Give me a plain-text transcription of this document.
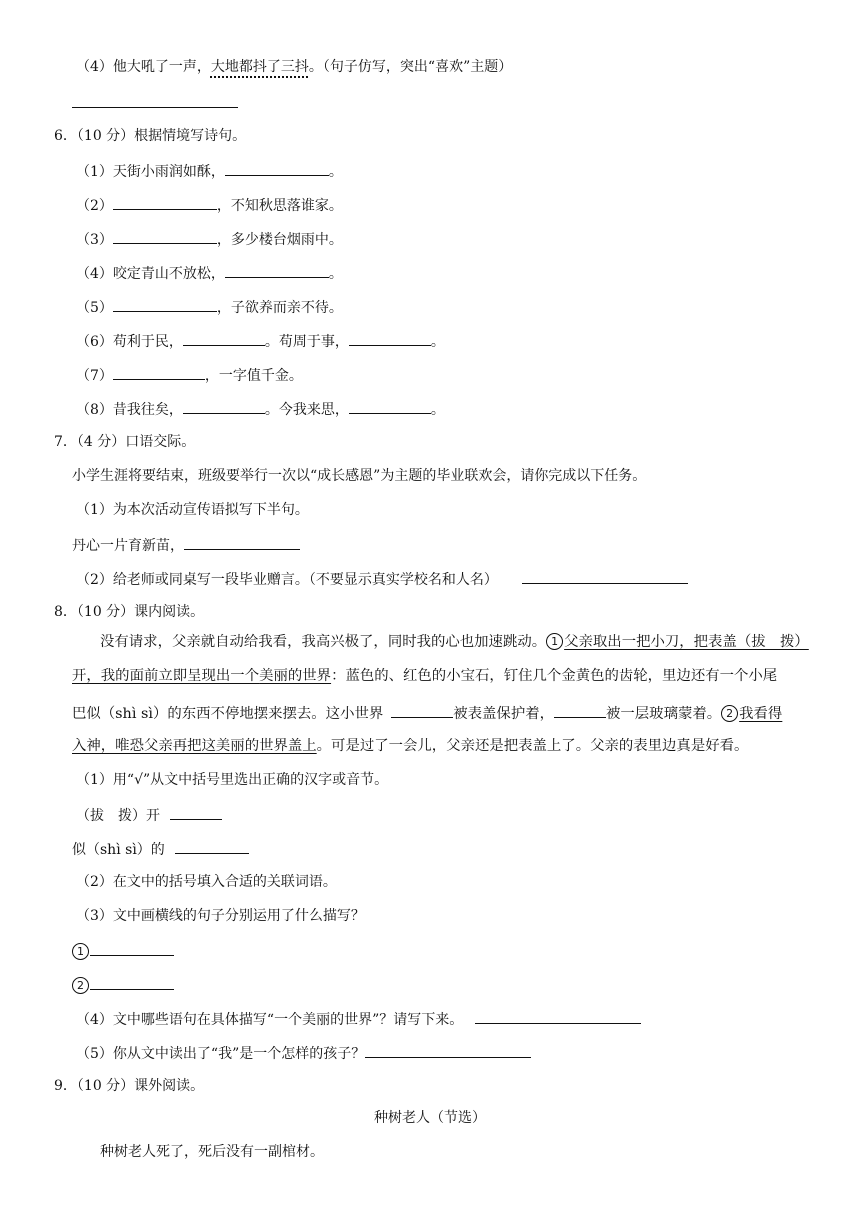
（4）他大吼了一声，大地都抖了三抖。（句子仿写，突出“喜欢”主题）
6．（10 分）根据情境写诗句。
（1）天街小雨润如酥，	。
（2）	，不知秋思落谁家。
（3）	，多少楼台烟雨中。
（4）咬定青山不放松，	。
（5）	，子欲养而亲不待。
（6）苟利于民，	。苟周于事，	。
（7）	，一字值千金。
（8）昔我往矣，	。今我来思，	。
7．（4 分）口语交际。
小学生涯将要结束，班级要举行一次以“成长感恩”为主题的毕业联欢会，请你完成以下任务。
（1）为本次活动宣传语拟写下半句。
丹心一片育新苗，
（2）给老师或同桌写一段毕业赠言。（不要显示真实学校名和人名）
8．（10 分）课内阅读。
没有请求，父亲就自动给我看，我高兴极了，同时我的心也加速跳动。 1 父亲取出一把小刀，把表盖（拔　拨）
开，我的面前立即呈现出一个美丽的世界：蓝色的、红色的小宝石，钉住几个金黄色的齿轮，里边还有一个小尾
巴似（shì sì）的东西不停地摆来摆去。这小世界	被表盖保护着，	被一层玻璃蒙着。 2 我看得
入神，唯恐父亲再把这美丽的世界盖上。可是过了一会儿，父亲还是把表盖上了。父亲的表里边真是好看。
（1）用“√”从文中括号里选出正确的汉字或音节。
（拔　拨）开
似（shì sì）的
（2）在文中的括号填入合适的关联词语。
（3）文中画横线的句子分别运用了什么描写？
1
2
（4）文中哪些语句在具体描写“一个美丽的世界”？请写下来。
（5）你从文中读出了“我”是一个怎样的孩子？
9．（10 分）课外阅读。
种树老人（节选）
种树老人死了，死后没有一副棺材。
